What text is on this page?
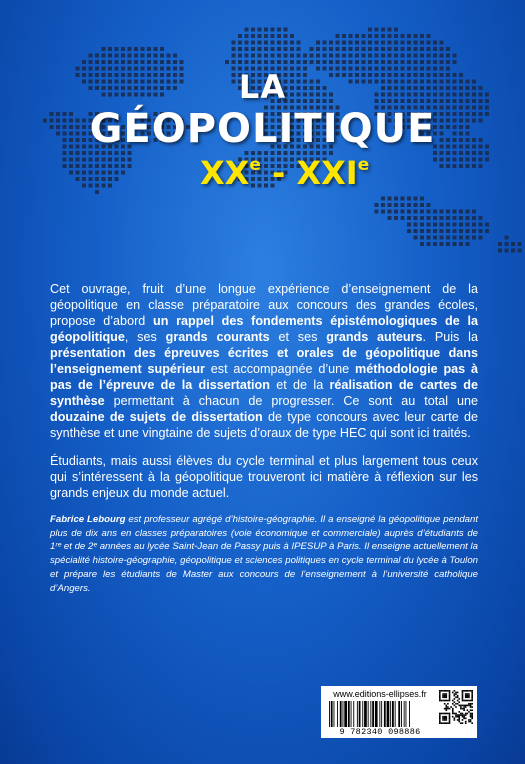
LA
GÉOPOLITIQUE
XXe - XXIe

Cet ouvrage, fruit d’une longue expérience d’enseignement de la géopolitique en classe préparatoire aux concours des grandes écoles, propose d’abord un rappel des fondements épistémologiques de la géopolitique, ses grands courants et ses grands auteurs. Puis la présentation des épreuves écrites et orales de géopolitique dans l’enseignement supérieur est accompagnée d’une méthodologie pas à pas de l’épreuve de la dissertation et de la réalisation de cartes de synthèse permettant à chacun de progresser. Ce sont au total une douzaine de sujets de dissertation de type concours avec leur carte de synthèse et une vingtaine de sujets d’oraux de type HEC qui sont ici traités.

Étudiants, mais aussi élèves du cycle terminal et plus largement tous ceux qui s’intéressent à la géopolitique trouveront ici matière à réflexion sur les grands enjeux du monde actuel.

Fabrice Lebourg est professeur agrégé d’histoire-géographie. Il a enseigné la géopolitique pendant plus de dix ans en classes préparatoires (voie économique et commerciale) auprès d’étudiants de 1ʳᵉ et de 2ᵉ années au lycée Saint-Jean de Passy puis à IPESUP à Paris. Il enseigne actuellement la spécialité histoire-géographie, géopolitique et sciences politiques en cycle terminal du lycée à Toulon et prépare les étudiants de Master aux concours de l’enseignement à l’université catholique d’Angers.
www.editions-ellipses.fr
9 782340 098886
